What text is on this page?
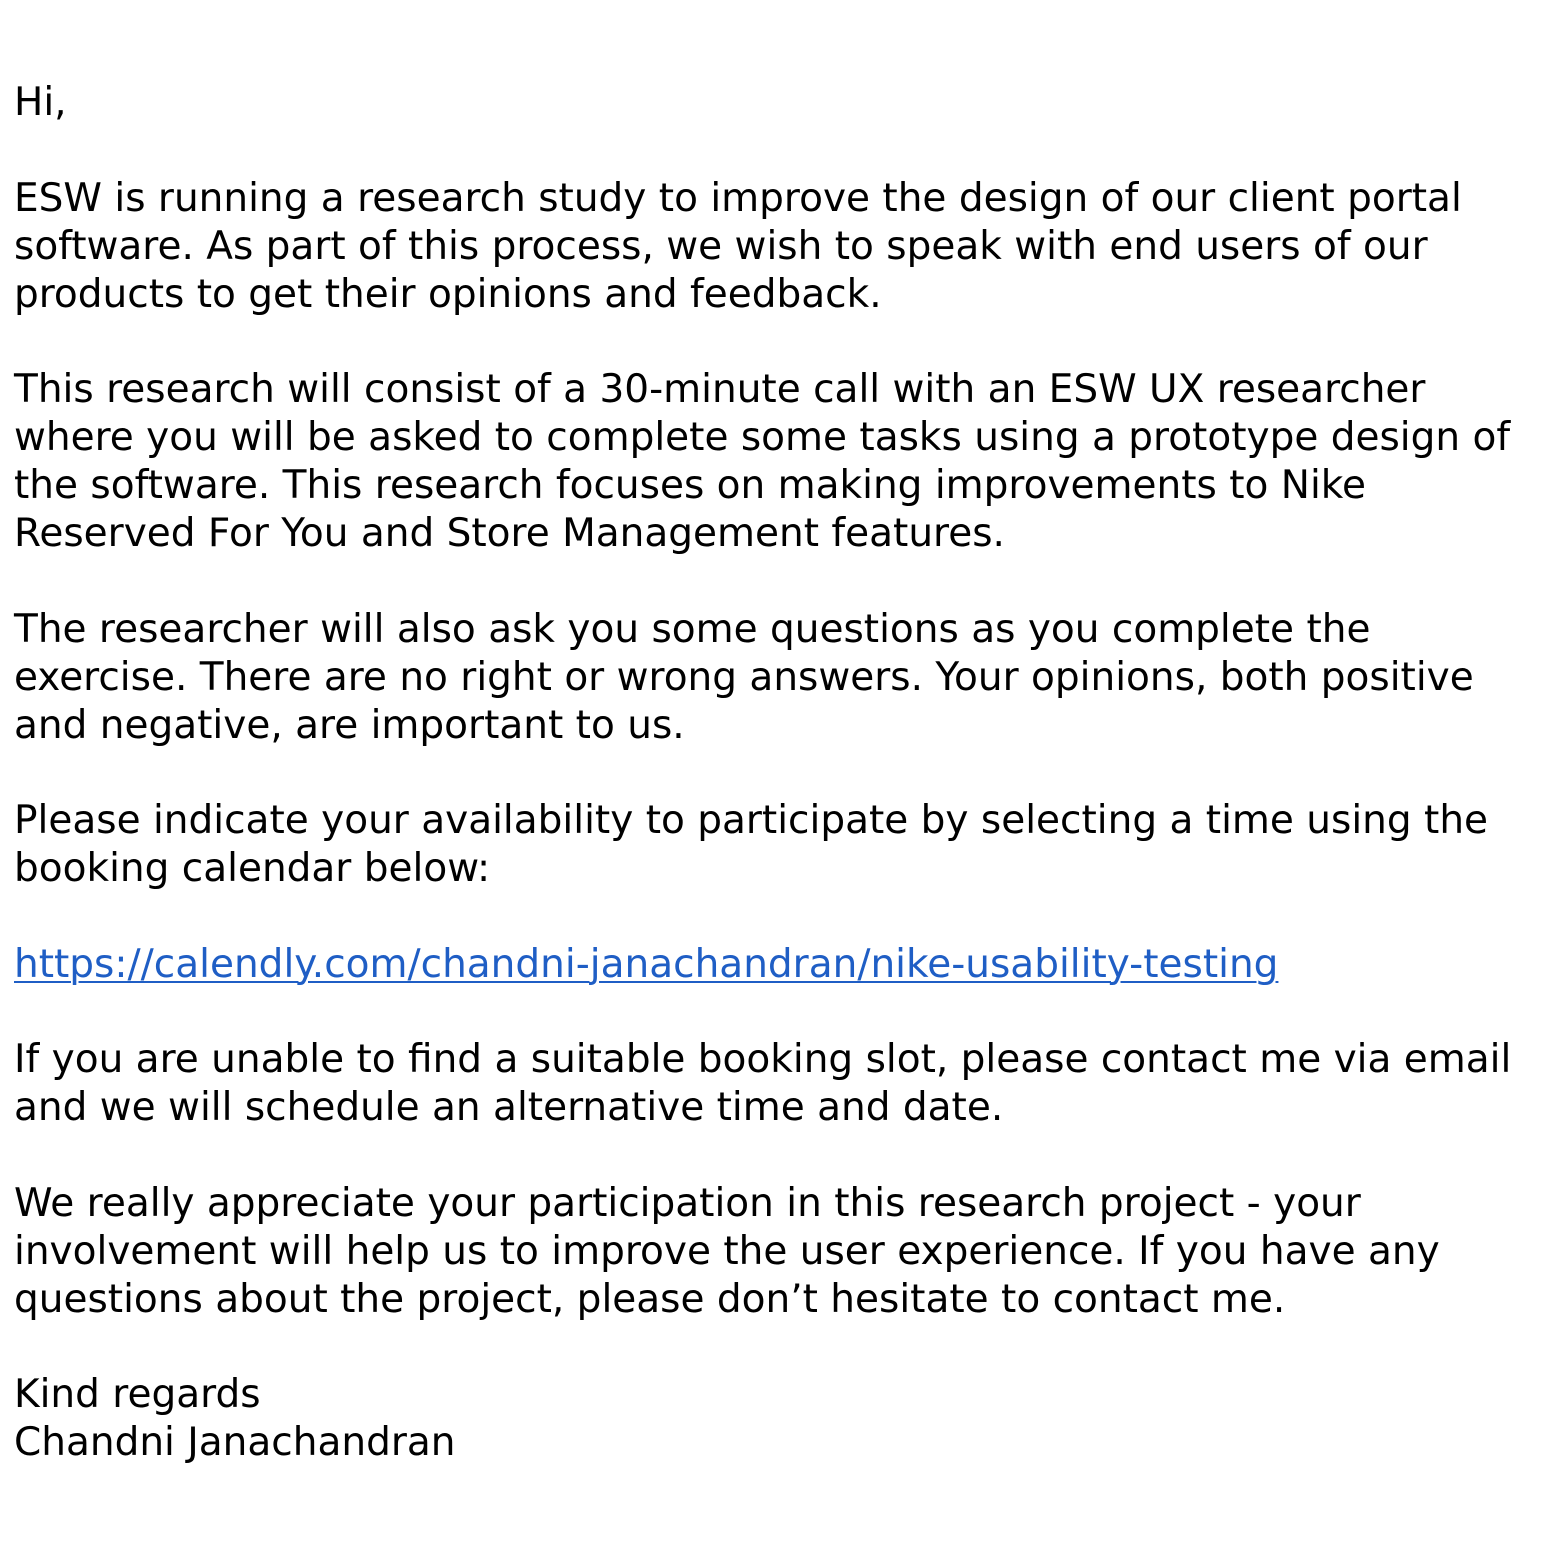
Hi,

ESW is running a research study to improve the design of our client portal software. As part of this process, we wish to speak with end users of our products to get their opinions and feedback.

This research will consist of a 30-minute call with an ESW UX researcher where you will be asked to complete some tasks using a prototype design of the software. This research focuses on making improvements to Nike Reserved For You and Store Management features.

The researcher will also ask you some questions as you complete the exercise. There are no right or wrong answers. Your opinions, both positive and negative, are important to us.

Please indicate your availability to participate by selecting a time using the booking calendar below:

https://calendly.com/chandni-janachandran/nike-usability-testing

If you are unable to find a suitable booking slot, please contact me via email and we will schedule an alternative time and date.

We really appreciate your participation in this research project - your involvement will help us to improve the user experience. If you have any questions about the project, please don’t hesitate to contact me.

Kind regards
Chandni Janachandran
